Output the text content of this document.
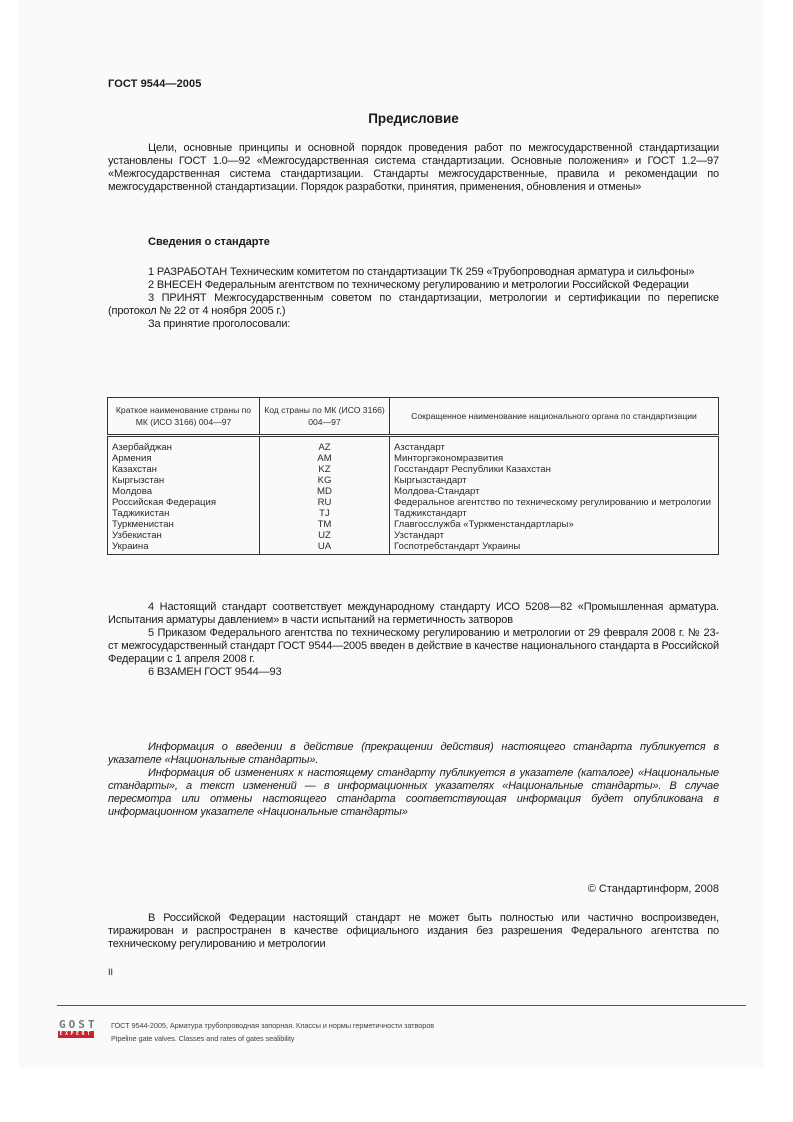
ГОСТ 9544—2005
Предисловие

Цели, основные принципы и основной порядок проведения работ по межгосударственной стандартизации установлены ГОСТ 1.0—92 «Межгосударственная система стандартизации. Основные положения» и ГОСТ 1.2—97 «Межгосударственная система стандартизации. Стандарты межгосударственные, правила и рекомендации по межгосударственной стандартизации. Порядок разработки, принятия, применения, обновления и отмены»

Сведения о стандарте

1 РАЗРАБОТАН Техническим комитетом по стандартизации ТК 259 «Трубопроводная арматура и сильфоны»

2 ВНЕСЕН Федеральным агентством по техническому регулированию и метрологии Российской Федерации

3 ПРИНЯТ Межгосударственным советом по стандартизации, метрологии и сертификации по переписке (протокол № 22 от 4 ноября 2005 г.)

За принятие проголосовали:

Краткое наименование страны по МК (ИСО 3166) 004—97	Код страны по МК (ИСО 3166) 004—97	Сокращенное наименование национального органа по стандартизации
Азербайджан	AZ	Азстандарт
Армения	AM	Минторгэкономразвития
Казахстан	KZ	Госстандарт Республики Казахстан
Кыргызстан	KG	Кыргызстандарт
Молдова	MD	Молдова-Стандарт
Российская Федерация	RU	Федеральное агентство по техническому регулированию и метрологии
Таджикистан	TJ	Таджикстандарт
Туркменистан	TM	Главгосслужба «Туркменстандартлары»
Узбекистан	UZ	Узстандарт
Украина	UA	Госпотребстандарт Украины

4 Настоящий стандарт соответствует международному стандарту ИСО 5208—82 «Промышленная арматура. Испытания арматуры давлением» в части испытаний на герметичность затворов

5 Приказом Федерального агентства по техническому регулированию и метрологии от 29 февраля 2008 г. № 23-ст межгосударственный стандарт ГОСТ 9544—2005 введен в действие в качестве национального стандарта в Российской Федерации с 1 апреля 2008 г.

6 ВЗАМЕН ГОСТ 9544—93

Информация о введении в действие (прекращении действия) настоящего стандарта публикуется в указателе «Национальные стандарты».

Информация об изменениях к настоящему стандарту публикуется в указателе (каталоге) «Национальные стандарты», а текст изменений — в информационных указателях «Национальные стандарты». В случае пересмотра или отмены настоящего стандарта соответствующая информация будет опубликована в информационном указателе «Национальные стандарты»

© Стандартинформ, 2008

В Российской Федерации настоящий стандарт не может быть полностью или частично воспроизведен, тиражирован и распространен в качестве официального издания без разрешения Федерального агентства по техническому регулированию и метрологии

II
GOST
EXPERT
ГОСТ 9544-2005, Арматура трубопроводная запорная. Классы и нормы герметичности затворов
Pipeline gate valves. Classes and rates of gates sealibility
